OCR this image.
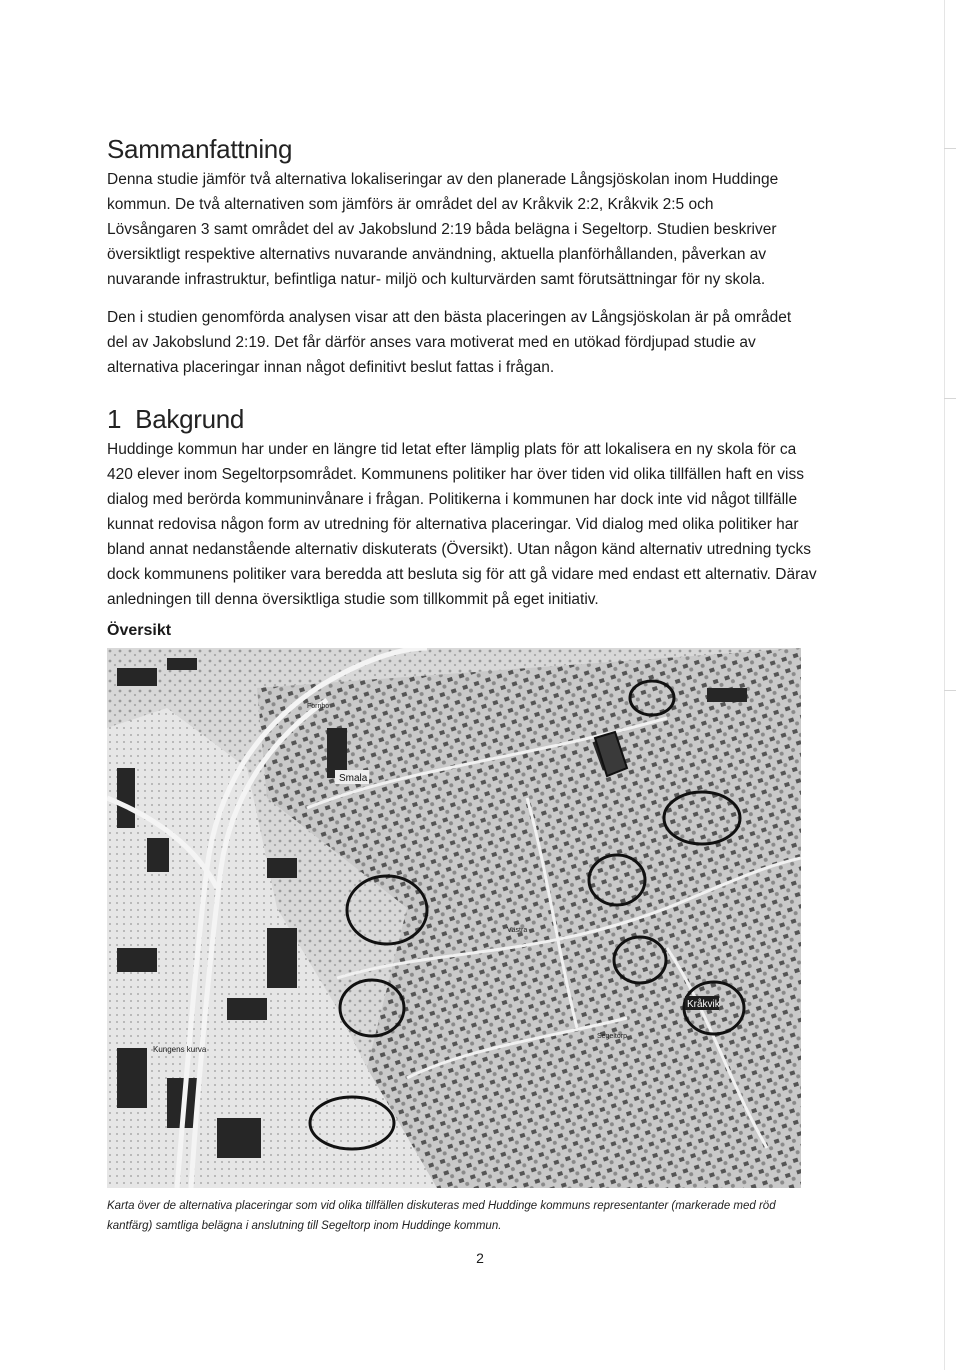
Sammanfattning

Denna studie jämför två alternativa lokaliseringar av den planerade Långsjöskolan inom Huddinge kommun. De två alternativen som jämförs är området del av Kråkvik 2:2, Kråkvik 2:5 och Lövsångaren 3 samt området del av Jakobslund 2:19 båda belägna i Segeltorp. Studien beskriver översiktligt respektive alternativs nuvarande användning, aktuella planförhållanden, påverkan av nuvarande infrastruktur, befintliga natur- miljö och kulturvärden samt förutsättningar för ny skola.

Den i studien genomförda analysen visar att den bästa placeringen av Långsjöskolan är på området del av Jakobslund 2:19. Det får därför anses vara motiverat med en utökad fördjupad studie av alternativa placeringar innan något definitivt beslut fattas i frågan.

1 Bakgrund

Huddinge kommun har under en längre tid letat efter lämplig plats för att lokalisera en ny skola för ca 420 elever inom Segeltorpsområdet. Kommunens politiker har över tiden vid olika tillfällen haft en viss dialog med berörda kommuninvånare i frågan. Politikerna i kommunen har dock inte vid något tillfälle kunnat redovisa någon form av utredning för alternativa placeringar. Vid dialog med olika politiker har bland annat nedanstående alternativ diskuterats (Översikt). Utan någon känd alternativ utredning tycks dock kommunens politiker vara beredda att besluta sig för att gå vidare med endast ett alternativ. Därav anledningen till denna översiktliga studie som tillkommit på eget initiativ.

Översikt
Smala
Kråkvik
Kungens kurva
Fornbo
Västra
Segeltorp

Karta över de alternativa placeringar som vid olika tillfällen diskuteras med Huddinge kommuns representanter (markerade med röd kantfärg) samtliga belägna i anslutning till Segeltorp inom Huddinge kommun.

2
